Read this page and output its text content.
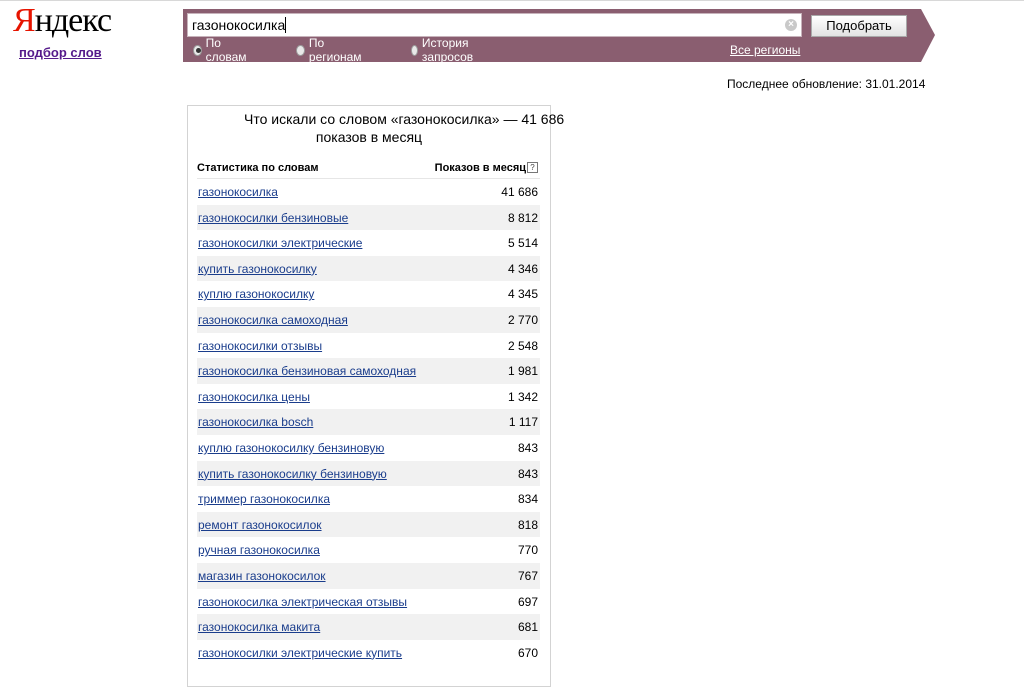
Яндекс
подбор слов
газонокосилка	×	Подобрать
По словам
По регионам
История запросов	Все регионы
Последнее обновление: 31.01.2014
Что искали со словом «газонокосилка» — 41 686
показов в месяц
Статистика по словам	Показов в месяц ?
газонокосилка	41 686
газонокосилки бензиновые	8 812
газонокосилки электрические	5 514
купить газонокосилку	4 346
куплю газонокосилку	4 345
газонокосилка самоходная	2 770
газонокосилки отзывы	2 548
газонокосилка бензиновая самоходная	1 981
газонокосилка цены	1 342
газонокосилка bosch	1 117
куплю газонокосилку бензиновую	843
купить газонокосилку бензиновую	843
триммер газонокосилка	834
ремонт газонокосилок	818
ручная газонокосилка	770
магазин газонокосилок	767
газонокосилка электрическая отзывы	697
газонокосилка макита	681
газонокосилки электрические купить	670
